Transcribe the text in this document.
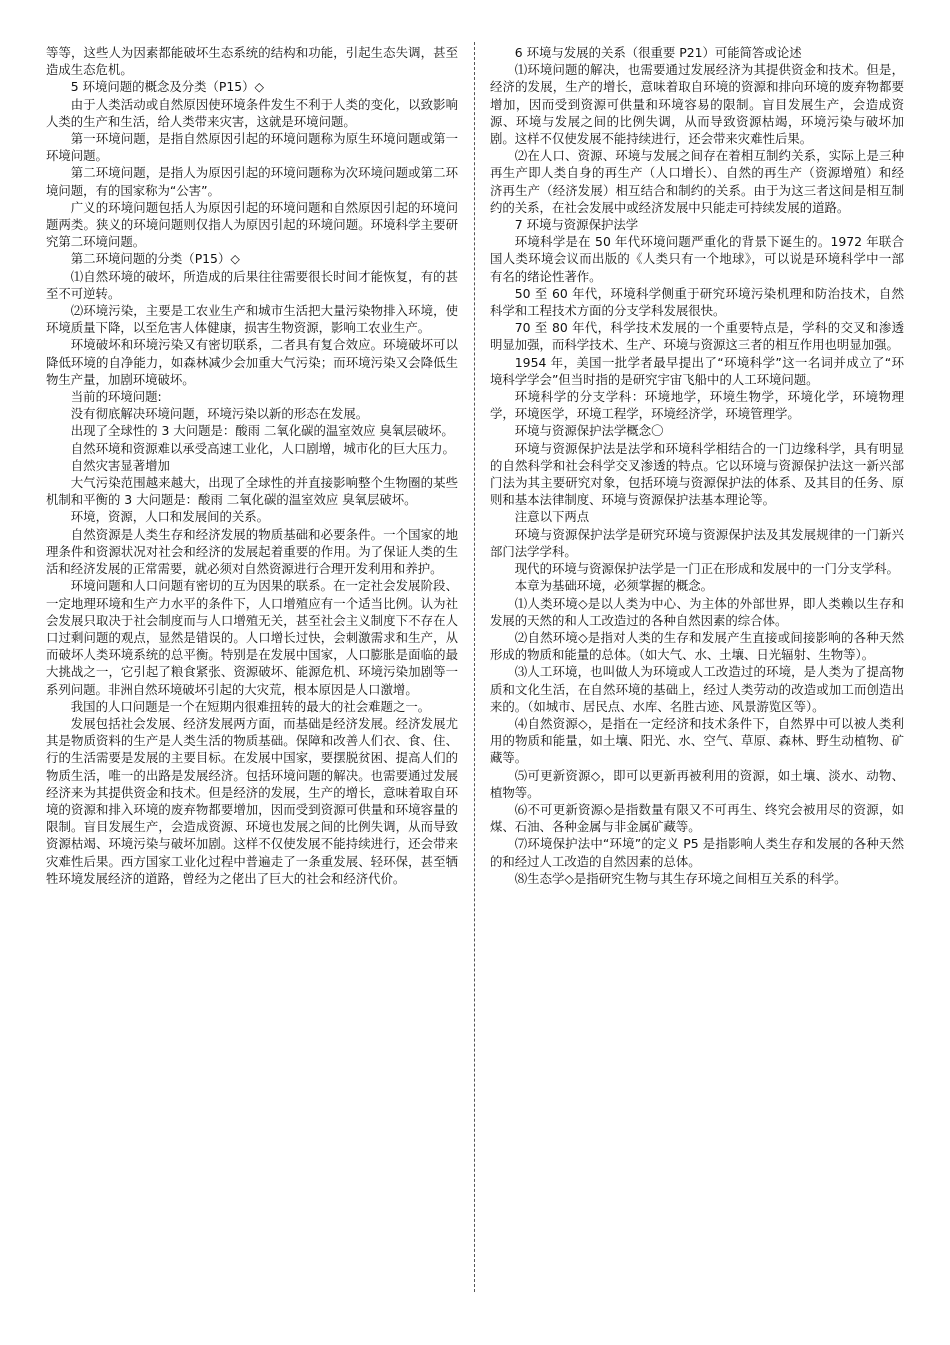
等等，这些人为因素都能破坏生态系统的结构和功能，引起生态失调，甚至造成生态危机。

5 环境问题的概念及分类（P15）◇

由于人类活动或自然原因使环境条件发生不利于人类的变化，以致影响人类的生产和生活，给人类带来灾害，这就是环境问题。

第一环境问题，是指自然原因引起的环境问题称为原生环境问题或第一环境问题。

第二环境问题，是指人为原因引起的环境问题称为次环境问题或第二环境问题，有的国家称为“公害”。

广义的环境问题包括人为原因引起的环境问题和自然原因引起的环境问题两类。狭义的环境问题则仅指人为原因引起的环境问题。环境科学主要研究第二环境问题。

第二环境问题的分类（P15）◇

⑴自然环境的破坏，所造成的后果往往需要很长时间才能恢复，有的甚至不可逆转。

⑵环境污染，主要是工农业生产和城市生活把大量污染物排入环境，使环境质量下降，以至危害人体健康，损害生物资源，影响工农业生产。

环境破坏和环境污染又有密切联系，二者具有复合效应。环境破坏可以降低环境的自净能力，如森林减少会加重大气污染；而环境污染又会降低生物生产量，加剧环境破坏。

当前的环境问题:

没有彻底解决环境问题，环境污染以新的形态在发展。

出现了全球性的 3 大问题是：酸雨 二氧化碳的温室效应 臭氧层破坏。

自然环境和资源难以承受高速工业化，人口剧增，城市化的巨大压力。

自然灾害显著增加

大气污染范围越来越大，出现了全球性的并直接影响整个生物圈的某些机制和平衡的 3 大问题是：酸雨 二氧化碳的温室效应 臭氧层破坏。

环境，资源，人口和发展间的关系。

自然资源是人类生存和经济发展的物质基础和必要条件。一个国家的地理条件和资源状况对社会和经济的发展起着重要的作用。为了保证人类的生活和经济发展的正常需要，就必须对自然资源进行合理开发利用和养护。

环境问题和人口问题有密切的互为因果的联系。在一定社会发展阶段、一定地理环境和生产力水平的条件下，人口增殖应有一个适当比例。认为社会发展只取决于社会制度而与人口增殖无关，甚至社会主义制度下不存在人口过剩问题的观点，显然是错误的。人口增长过快，会刺激需求和生产，从而破坏人类环境系统的总平衡。特别是在发展中国家，人口膨胀是面临的最大挑战之一，它引起了粮食紧张、资源破坏、能源危机、环境污染加剧等一系列问题。非洲自然环境破坏引起的大灾荒，根本原因是人口激增。

我国的人口问题是一个在短期内很难扭转的最大的社会难题之一。

发展包括社会发展、经济发展两方面，而基础是经济发展。经济发展尤其是物质资料的生产是人类生活的物质基础。保障和改善人们衣、食、住、行的生活需要是发展的主要目标。在发展中国家，要摆脱贫困、提高人们的物质生活，唯一的出路是发展经济。包括环境问题的解决。也需要通过发展经济来为其提供资金和技术。但是经济的发展，生产的增长，意味着取自环境的资源和排入环境的废弃物都要增加，因而受到资源可供量和环境容量的限制。盲目发展生产，会造成资源、环境也发展之间的比例失调，从而导致资源枯竭、环境污染与破坏加剧。这样不仅使发展不能持续进行，还会带来灾难性后果。西方国家工业化过程中普遍走了一条重发展、轻环保，甚至牺牲环境发展经济的道路，曾经为之佬出了巨大的社会和经济代价。

6 环境与发展的关系（很重要 P21）可能简答或论述

⑴环境问题的解决，也需要通过发展经济为其提供资金和技术。但是，经济的发展，生产的增长，意味着取自环境的资源和排向环境的废弃物都要增加，因而受到资源可供量和环境容易的限制。盲目发展生产，会造成资源、环境与发展之间的比例失调，从而导致资源枯竭，环境污染与破坏加剧。这样不仅使发展不能持续进行，还会带来灾难性后果。

⑵在人口、资源、环境与发展之间存在着相互制约关系，实际上是三种再生产即人类自身的再生产（人口增长）、自然的再生产（资源增殖）和经济再生产（经济发展）相互结合和制约的关系。由于为这三者这间是相互制约的关系，在社会发展中或经济发展中只能走可持续发展的道路。

7 环境与资源保护法学

环境科学是在 50 年代环境问题严重化的背景下诞生的。1972 年联合国人类环境会议而出版的《人类只有一个地球》，可以说是环境科学中一部有名的绪论性著作。

50 至 60 年代，环境科学侧重于研究环境污染机理和防治技术，自然科学和工程技术方面的分支学科发展很快。

70 至 80 年代，科学技术发展的一个重要特点是，学科的交叉和渗透明显加强，而科学技术、生产、环境与资源这三者的相互作用也明显加强。

1954 年，美国一批学者最早提出了“环境科学”这一名词并成立了“环境科学学会”但当时指的是研究宇宙飞船中的人工环境问题。

环境科学的分支学科：环境地学，环境生物学，环境化学，环境物理学，环境医学，环境工程学，环境经济学，环境管理学。

环境与资源保护法学概念〇

环境与资源保护法是法学和环境科学相结合的一门边缘科学，具有明显的自然科学和社会科学交叉渗透的特点。它以环境与资源保护法这一新兴部门法为其主要研究对象，包括环境与资源保护法的体系、及其目的任务、原则和基本法律制度、环境与资源保护法基本理论等。

注意以下两点

环境与资源保护法学是研究环境与资源保护法及其发展规律的一门新兴部门法学学科。

现代的环境与资源保护法学是一门正在形成和发展中的一门分支学科。

本章为基础环境，必须掌握的概念。

⑴人类环境◇是以人类为中心、为主体的外部世界，即人类赖以生存和发展的天然的和人工改造过的各种自然因素的综合体。

⑵自然环境◇是指对人类的生存和发展产生直接或间接影响的各种天然形成的物质和能量的总体。（如大气、水、土壤、日光辐射、生物等）。

⑶人工环境，也叫做人为环境或人工改造过的环境，是人类为了提高物质和文化生活，在自然环境的基础上，经过人类劳动的改造或加工而创造出来的。（如城市、居民点、水库、名胜古迹、风景游览区等）。

⑷自然资源◇，是指在一定经济和技术条件下，自然界中可以被人类利用的物质和能量，如土壤、阳光、水、空气、草原、森林、野生动植物、矿藏等。

⑸可更新资源◇，即可以更新再被利用的资源，如土壤、淡水、动物、植物等。

⑹不可更新资源◇是指数量有限又不可再生、终究会被用尽的资源，如煤、石油、各种金属与非金属矿藏等。

⑺环境保护法中“环境”的定义 P5 是指影响人类生存和发展的各种天然的和经过人工改造的自然因素的总体。

⑻生态学◇是指研究生物与其生存环境之间相互关系的科学。
